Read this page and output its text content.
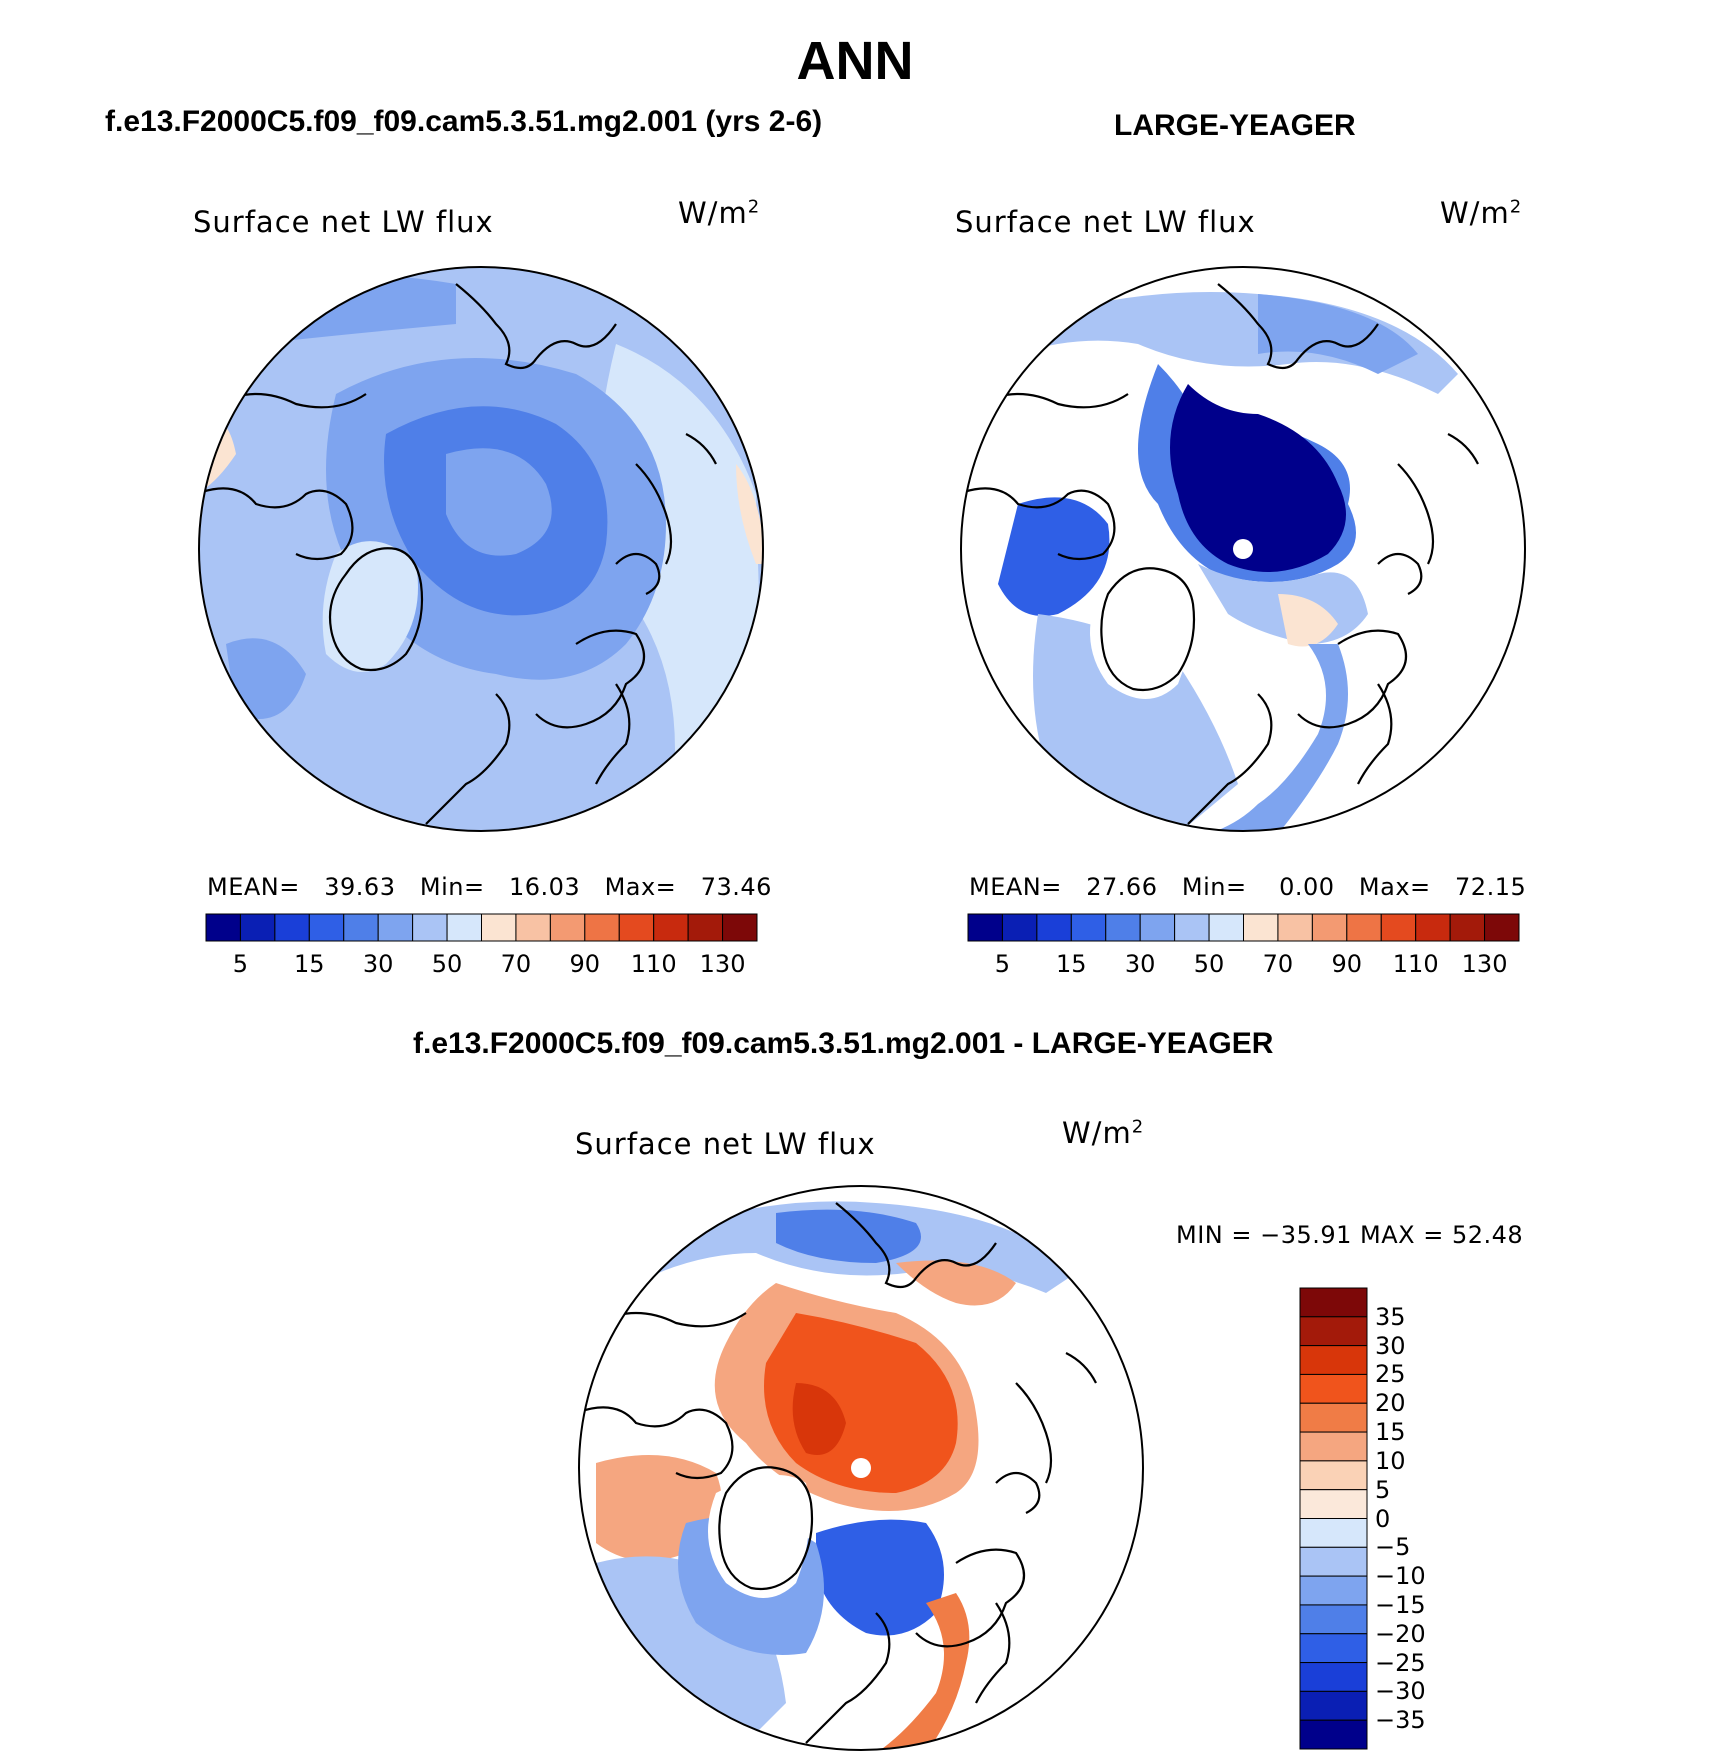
ANN
f.e13.F2000C5.f09_f09.cam5.3.51.mg2.001 (yrs 2-6)
Surface net LW flux	$W/m^2$
MEAN= 39.63 Min= 16.03 Max= 73.46
5 15 30 50 70 90 110 130
LARGE-YEAGER
Surface net LW flux	$W/m^2$
MEAN= 27.66 Min= 0.00 Max= 72.15
5 15 30 50 70 90 110 130
f.e13.F2000C5.f09_f09.cam5.3.51.mg2.001 - LARGE-YEAGER
Surface net LW flux	$W/m^2$
MIN = −35.91 MAX = 52.48
35
30
25
20
15
10
5
0
−5
−10
−15
−20
−25
−30
−35
